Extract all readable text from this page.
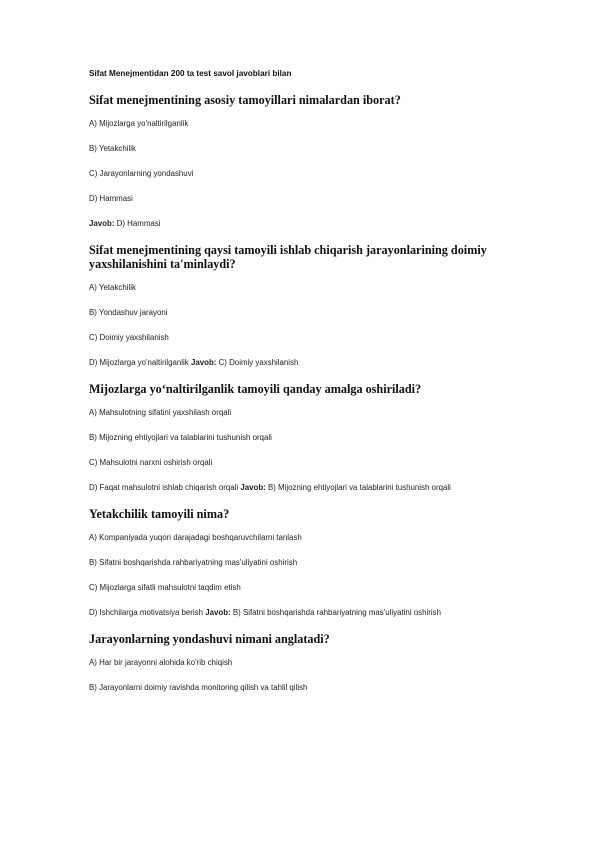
Sifat Menejmentidan 200 ta test savol javoblari bilan

Sifat menejmentining asosiy tamoyillari nimalardan iborat?

A) Mijozlarga yo'naltirilganlik

B) Yetakchilik

C) Jarayonlarning yondashuvi

D) Hammasi

Javob: D) Hammasi

Sifat menejmentining qaysi tamoyili ishlab chiqarish jarayonlarining doimiy yaxshilanishini ta'minlaydi?

A) Yetakchilik

B) Yondashuv jarayoni

C) Doimiy yaxshilanish

D) Mijozlarga yo'naltirilganlik Javob: C) Doimiy yaxshilanish

Mijozlarga yo‘naltirilganlik tamoyili qanday amalga oshiriladi?

A) Mahsulotning sifatini yaxshilash orqali

B) Mijozning ehtiyojlari va talablarini tushunish orqali

C) Mahsulotni narxni oshirish orqali

D) Faqat mahsulotni ishlab chiqarish orqali Javob: B) Mijozning ehtiyojlari va talablarini tushunish orqali

Yetakchilik tamoyili nima?

A) Kompaniyada yuqori darajadagi boshqaruvchilarni tanlash

B) Sifatni boshqarishda rahbariyatning mas'uliyatini oshirish

C) Mijozlarga sifatli mahsulotni taqdim etish

D) Ishchilarga motivatsiya berish Javob: B) Sifatni boshqarishda rahbariyatning mas'uliyatini oshirish

Jarayonlarning yondashuvi nimani anglatadi?

A) Har bir jarayonni alohida ko'rib chiqish

B) Jarayonlarni doimiy ravishda monitoring qilish va tahlil qilish
